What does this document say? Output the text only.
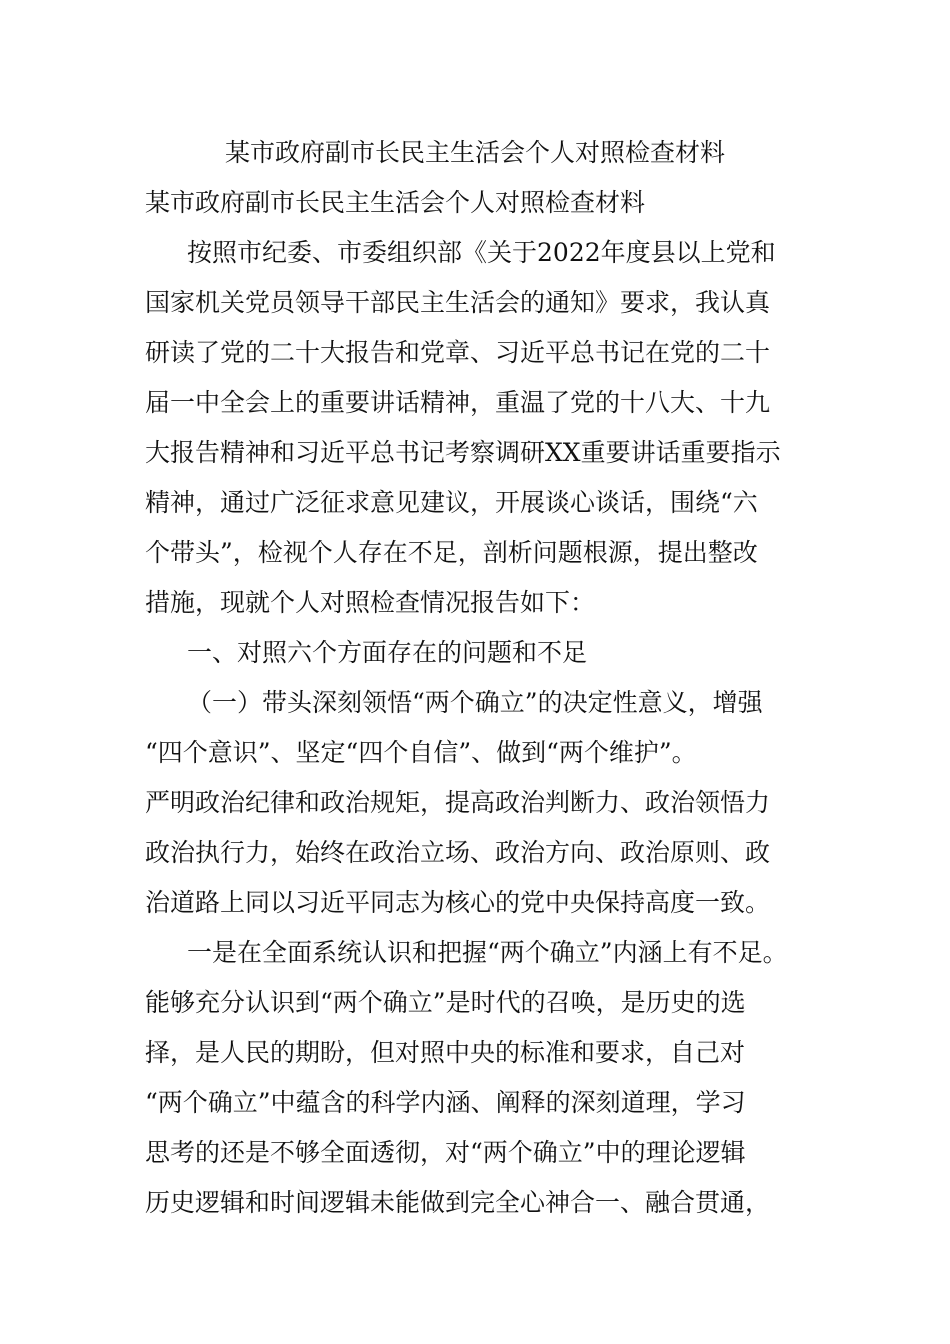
某市政府副市长民主生活会个人对照检查材料
某市政府副市长民主生活会个人对照检查材料
按照市纪委、市委组织部《关于2022年度县以上党和
国家机关党员领导干部民主生活会的通知》要求，我认真
研读了党的二十大报告和党章、习近平总书记在党的二十
届一中全会上的重要讲话精神，重温了党的十八大、十九
大报告精神和习近平总书记考察调研XX重要讲话重要指示
精神，通过广泛征求意见建议，开展谈心谈话，围绕“六
个带头”，检视个人存在不足，剖析问题根源，提出整改
措施，现就个人对照检查情况报告如下：
一、对照六个方面存在的问题和不足
（一）带头深刻领悟“两个确立”的决定性意义，增强
“四个意识”、坚定“四个自信”、做到“两个维护”。
严明政治纪律和政治规矩，提高政治判断力、政治领悟力
政治执行力，始终在政治立场、政治方向、政治原则、政
治道路上同以习近平同志为核心的党中央保持高度一致。
一是在全面系统认识和把握“两个确立”内涵上有不足。
能够充分认识到“两个确立”是时代的召唤，是历史的选
择，是人民的期盼，但对照中央的标准和要求，自己对
“两个确立”中蕴含的科学内涵、阐释的深刻道理，学习
思考的还是不够全面透彻，对“两个确立”中的理论逻辑
历史逻辑和时间逻辑未能做到完全心神合一、融合贯通，
